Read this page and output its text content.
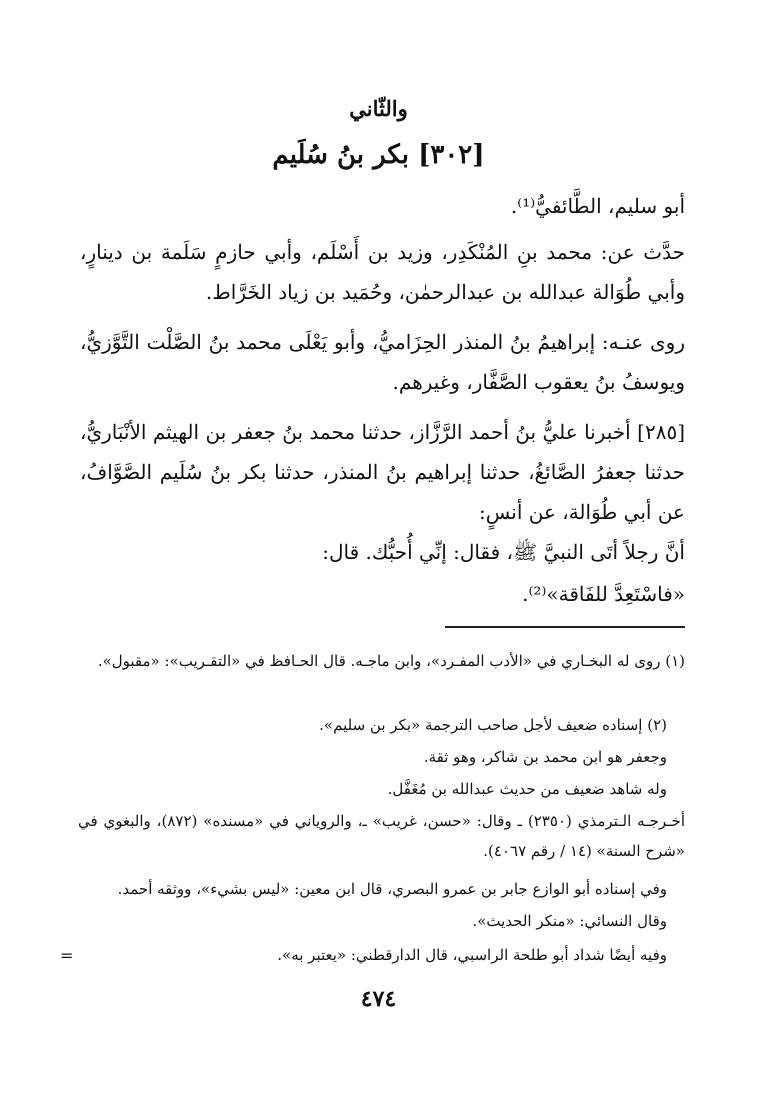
والثّاني
[٣٠٢] بكر بنُ سُلَيم

أبو سليم، الطَّائفيُّ⁽¹⁾.

حدَّث عن: محمد بنِ المُنْكَدِر، وزيد بن أَسْلَم، وأبي حازمٍ سَلَمة بن دينارٍ، وأبي طُوَالة عبدالله بن عبدالرحمٰن، وحُمَيد بن زياد الخَرَّاط.

روى عنـه: إبراهيمُ بنُ المنذر الحِزَاميُّ، وأبو يَعْلَى محمد بنُ الصَّلْت التَّوَّزيُّ، ويوسفُ بنُ يعقوب الصَّفَّار، وغيرهم.

[٢٨٥] أخبرنا عليُّ بنُ أحمد الرَّزَّاز، حدثنا محمد بنُ جعفر بن الهيثم الأنْبَاريُّ، حدثنا جعفرُ الصَّائغُ، حدثنا إبراهيم بنُ المنذر، حدثنا بكر بنُ سُلَيم الصَّوَّافُ، عن أبي طُوَالة، عن أنسٍ:

أنَّ رجلاً أتَى النبيَّ ﷺ، فقال: إنِّي أُحبُّك. قال:

«فاسْتَعِدَّ للفَاقة»⁽²⁾.

(١) روى له البخـاري في «الأدب المفـرد»، وابن ماجـه. قال الحـافظ في «التقـريب»: «مقبول».

(٢) إسناده ضعيف لأجل صاحب الترجمة «بكر بن سليم».

وجعفر هو ابن محمد بن شاكر، وهو ثقة.

وله شاهد ضعيف من حديث عبدالله بن مُغَفَّل.

أخـرجـه الـترمذي (٢٣٥٠) ـ وقال: «حسن، غريب» ـ، والروياني في «مسنده» (٨٧٢)، والبغوي في «شرح السنة» (١٤ / رقم ٤٠٦٧).

وفي إسناده أبو الوازع جابر بن عمرو البصري، قال ابن معين: «ليس بشيء»، ووثقه أحمد.

وقال النسائي: «منكر الحديث».

وفيه أيضًا شداد أبو طلحة الراسبي، قال الدارقطني: «يعتبر به».

=
٤٧٤
